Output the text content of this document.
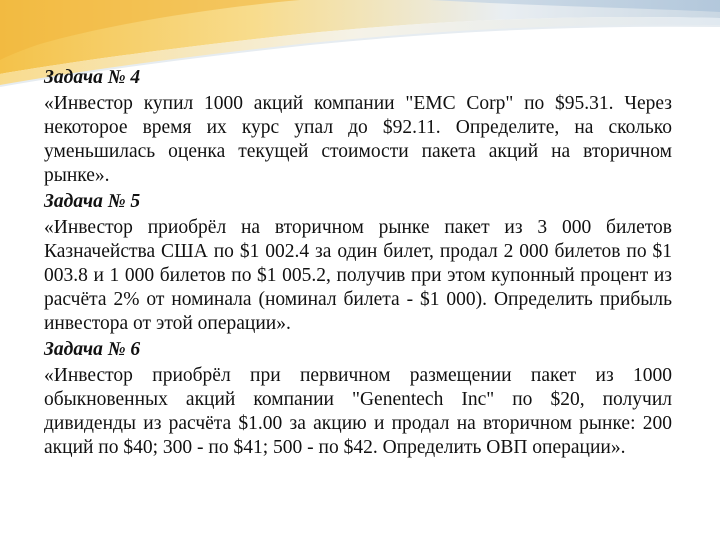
Задача № 4
«Инвестор купил 1000 акций компании "EMC Corp" по $95.31. Через некоторое время их курс упал до $92.11. Определите, на сколько уменьшилась оценка текущей стоимости пакета акций на вторичном рынке».
Задача № 5
«Инвестор приобрёл на вторичном рынке пакет из 3 000 билетов Казначейства США по $1 002.4 за один билет, продал 2 000 билетов по $1 003.8 и 1 000 билетов по $1 005.2, получив при этом купонный процент из расчёта 2% от номинала (номинал билета - $1 000). Определить прибыль инвестора от этой операции».
Задача № 6
«Инвестор приобрёл при первичном размещении пакет из 1000 обыкновенных акций компании "Genentech Inc" по $20, получил дивиденды из расчёта $1.00 за акцию и продал на вторичном рынке: 200 акций по $40; 300 - по $41; 500 - по $42. Определить ОВП операции».
